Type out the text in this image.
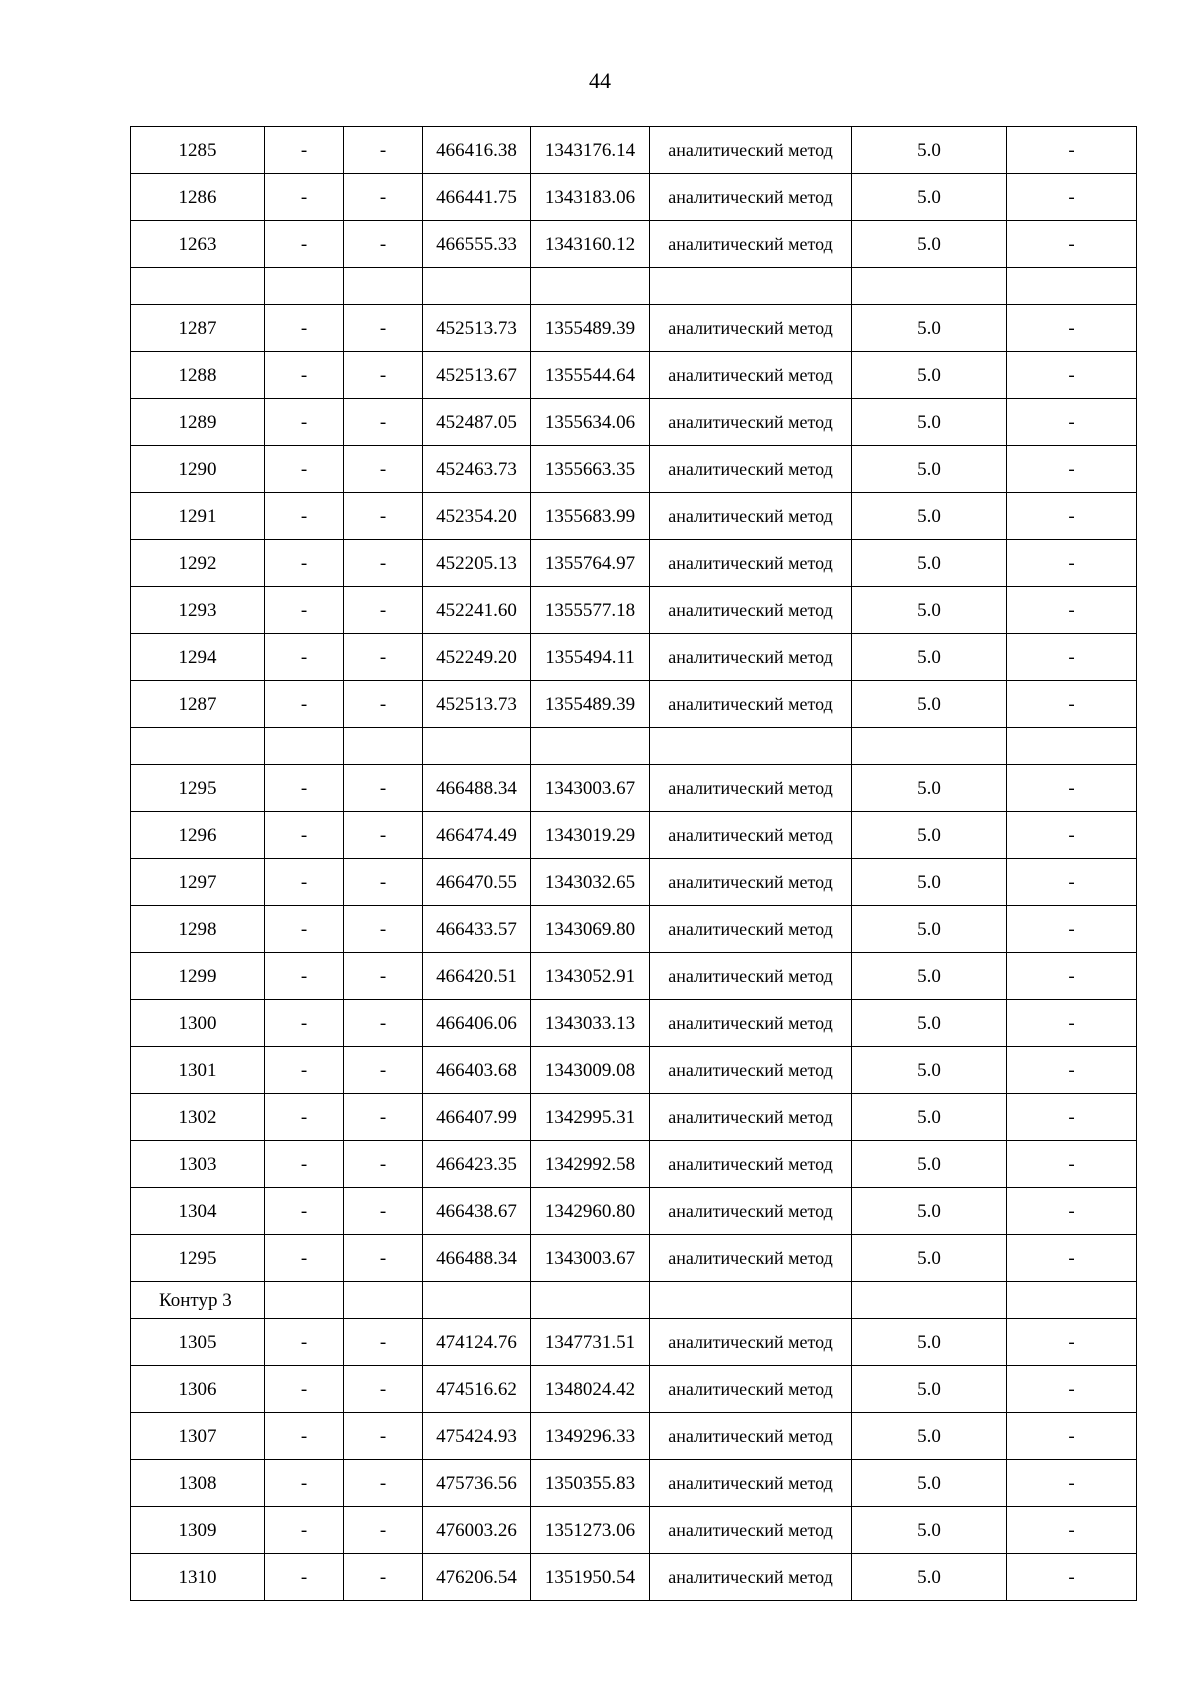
44
1285	-	-	466416.38	1343176.14	аналитический метод	5.0	-
1286	-	-	466441.75	1343183.06	аналитический метод	5.0	-
1263	-	-	466555.33	1343160.12	аналитический метод	5.0	-

1287	-	-	452513.73	1355489.39	аналитический метод	5.0	-
1288	-	-	452513.67	1355544.64	аналитический метод	5.0	-
1289	-	-	452487.05	1355634.06	аналитический метод	5.0	-
1290	-	-	452463.73	1355663.35	аналитический метод	5.0	-
1291	-	-	452354.20	1355683.99	аналитический метод	5.0	-
1292	-	-	452205.13	1355764.97	аналитический метод	5.0	-
1293	-	-	452241.60	1355577.18	аналитический метод	5.0	-
1294	-	-	452249.20	1355494.11	аналитический метод	5.0	-
1287	-	-	452513.73	1355489.39	аналитический метод	5.0	-

1295	-	-	466488.34	1343003.67	аналитический метод	5.0	-
1296	-	-	466474.49	1343019.29	аналитический метод	5.0	-
1297	-	-	466470.55	1343032.65	аналитический метод	5.0	-
1298	-	-	466433.57	1343069.80	аналитический метод	5.0	-
1299	-	-	466420.51	1343052.91	аналитический метод	5.0	-
1300	-	-	466406.06	1343033.13	аналитический метод	5.0	-
1301	-	-	466403.68	1343009.08	аналитический метод	5.0	-
1302	-	-	466407.99	1342995.31	аналитический метод	5.0	-
1303	-	-	466423.35	1342992.58	аналитический метод	5.0	-
1304	-	-	466438.67	1342960.80	аналитический метод	5.0	-
1295	-	-	466488.34	1343003.67	аналитический метод	5.0	-
Контур 3							
1305	-	-	474124.76	1347731.51	аналитический метод	5.0	-
1306	-	-	474516.62	1348024.42	аналитический метод	5.0	-
1307	-	-	475424.93	1349296.33	аналитический метод	5.0	-
1308	-	-	475736.56	1350355.83	аналитический метод	5.0	-
1309	-	-	476003.26	1351273.06	аналитический метод	5.0	-
1310	-	-	476206.54	1351950.54	аналитический метод	5.0	-
